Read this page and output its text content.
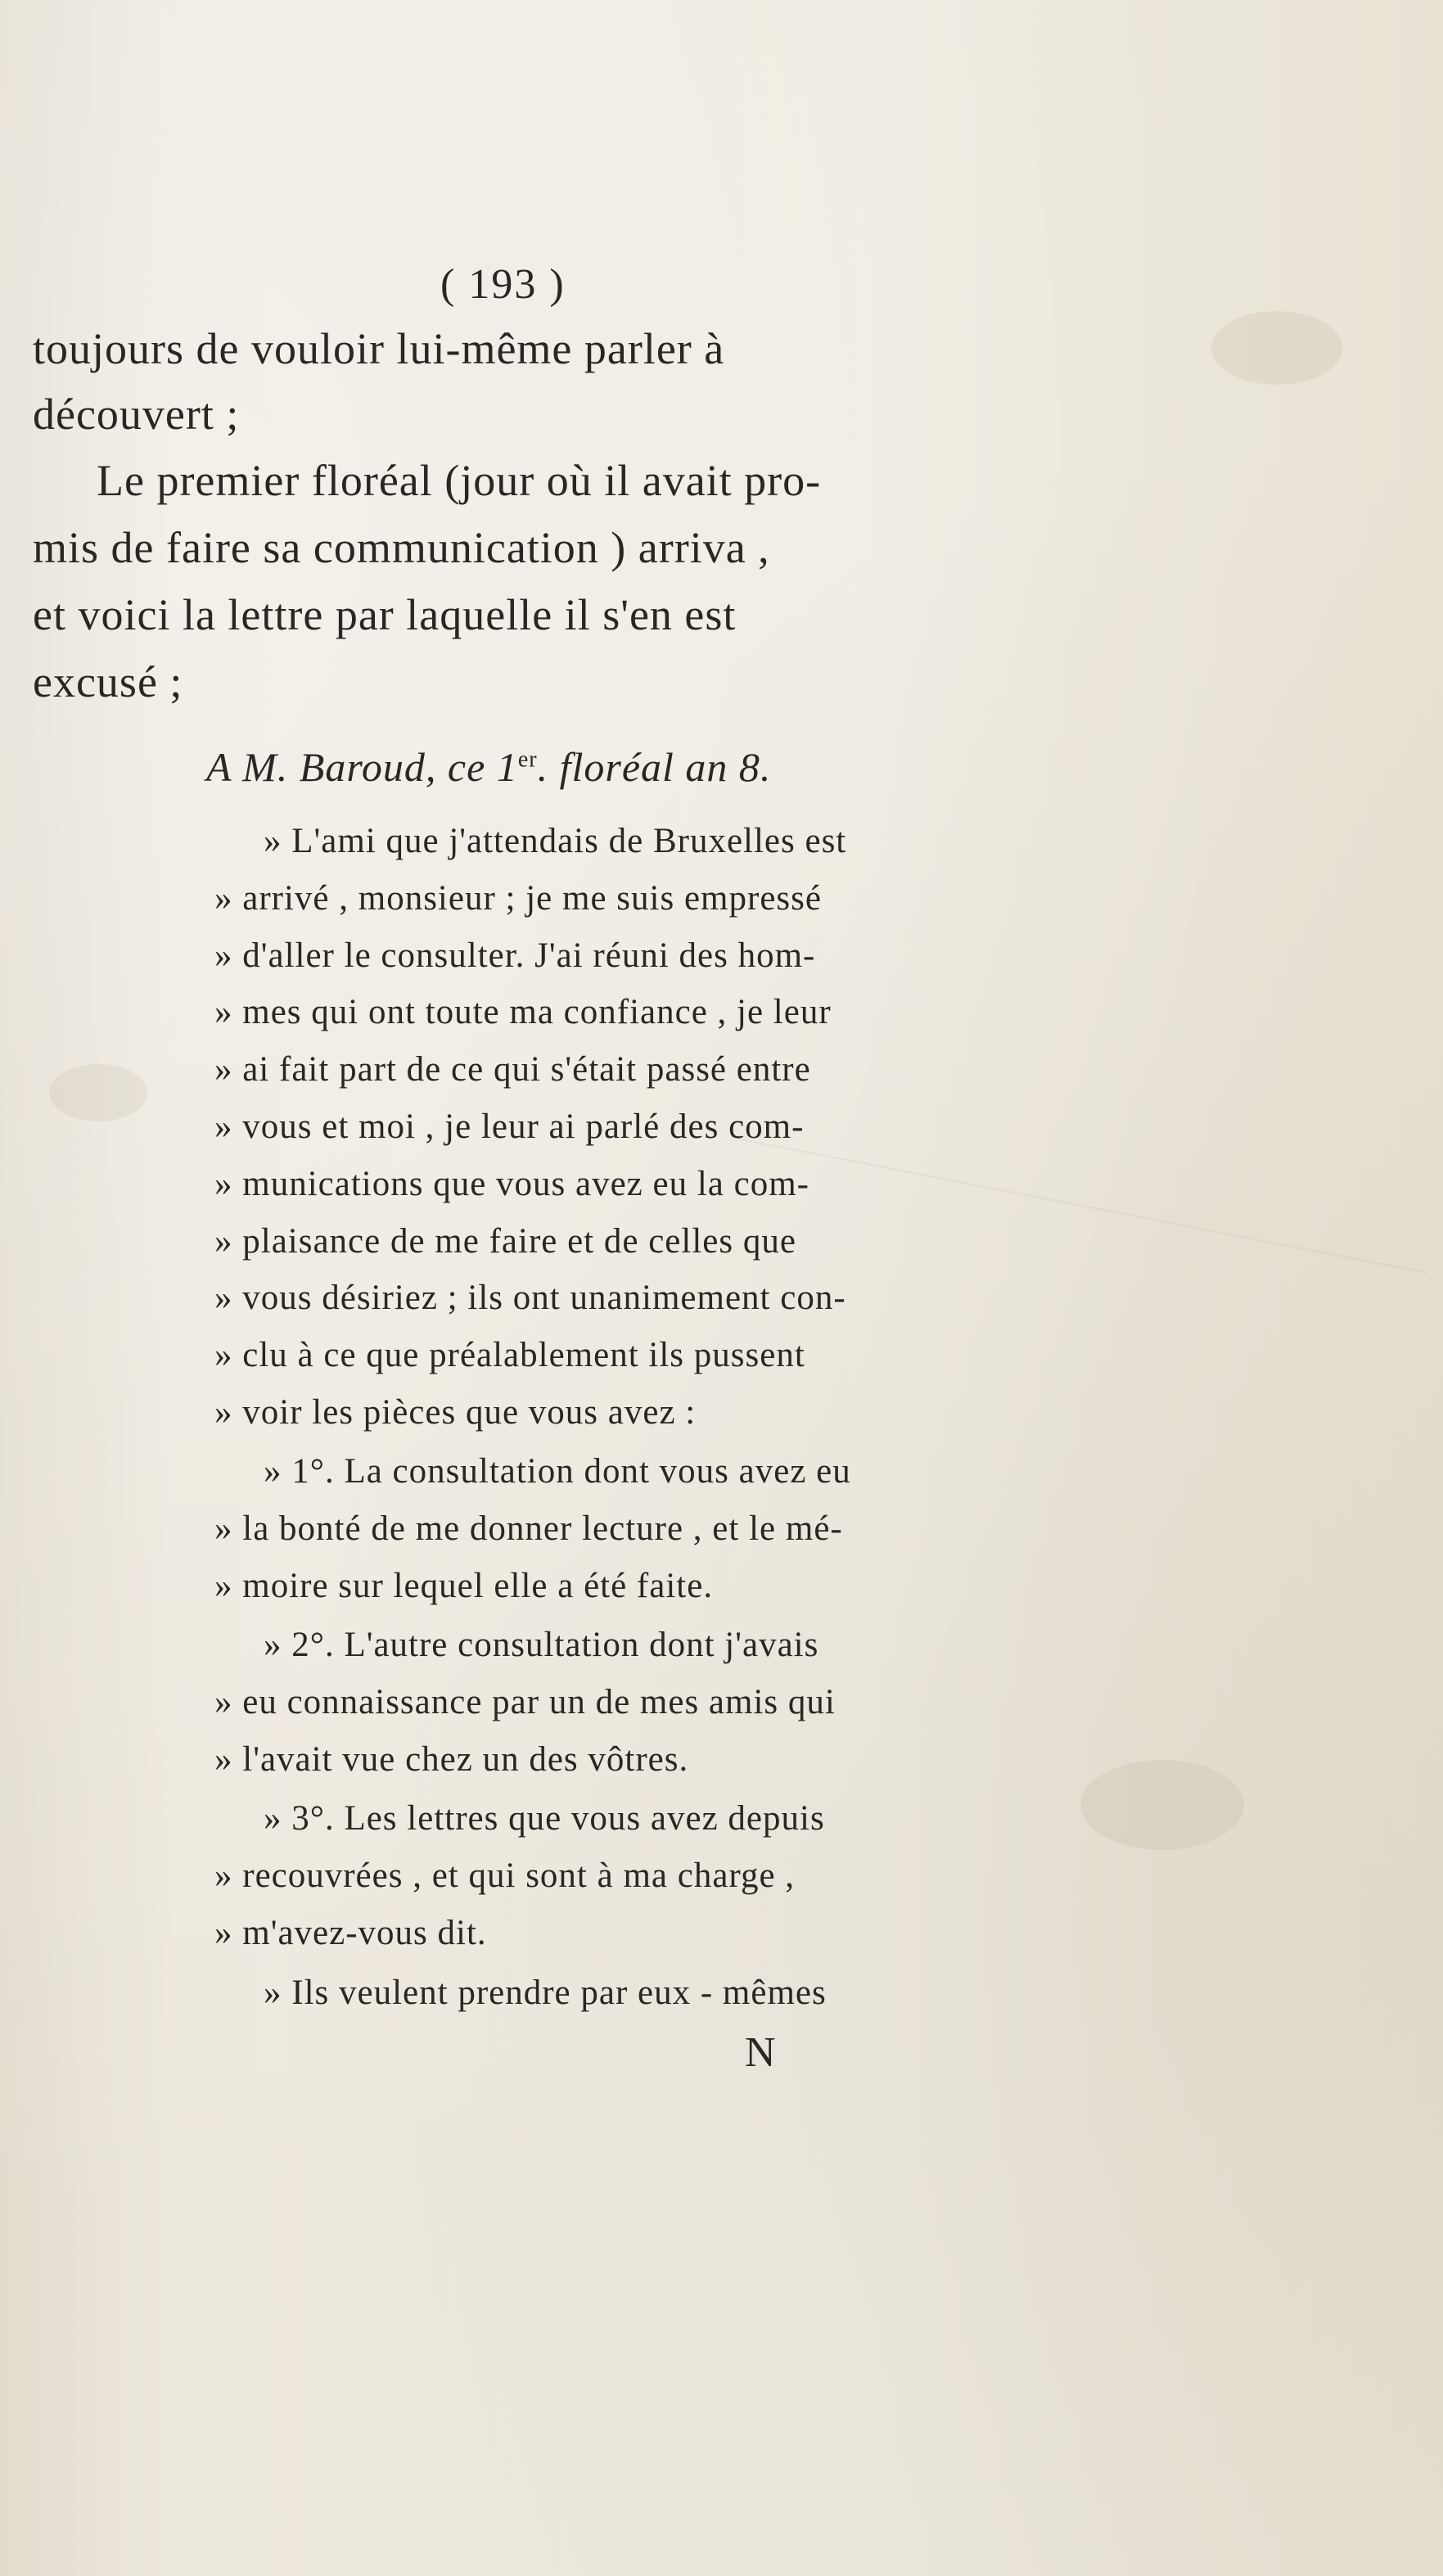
( 193 )
toujours de vouloir lui-même parler à
découvert ;
Le premier floréal (jour où il avait pro-
mis de faire sa communication ) arriva ,
et voici la lettre par laquelle il s'en est
excusé ;
A M. Baroud, ce 1er. floréal an 8.
» L'ami que j'attendais de Bruxelles est
» arrivé , monsieur ; je me suis empressé
» d'aller le consulter. J'ai réuni des hom-
» mes qui ont toute ma confiance , je leur
» ai fait part de ce qui s'était passé entre
» vous et moi , je leur ai parlé des com-
» munications que vous avez eu la com-
» plaisance de me faire et de celles que
» vous désiriez ; ils ont unanimement con-
» clu à ce que préalablement ils pussent
» voir les pièces que vous avez :
» 1°. La consultation dont vous avez eu
» la bonté de me donner lecture , et le mé-
» moire sur lequel elle a été faite.
» 2°. L'autre consultation dont j'avais
» eu connaissance par un de mes amis qui
» l'avait vue chez un des vôtres.
» 3°. Les lettres que vous avez depuis
» recouvrées , et qui sont à ma charge ,
» m'avez-vous dit.
» Ils veulent prendre par eux - mêmes
N
